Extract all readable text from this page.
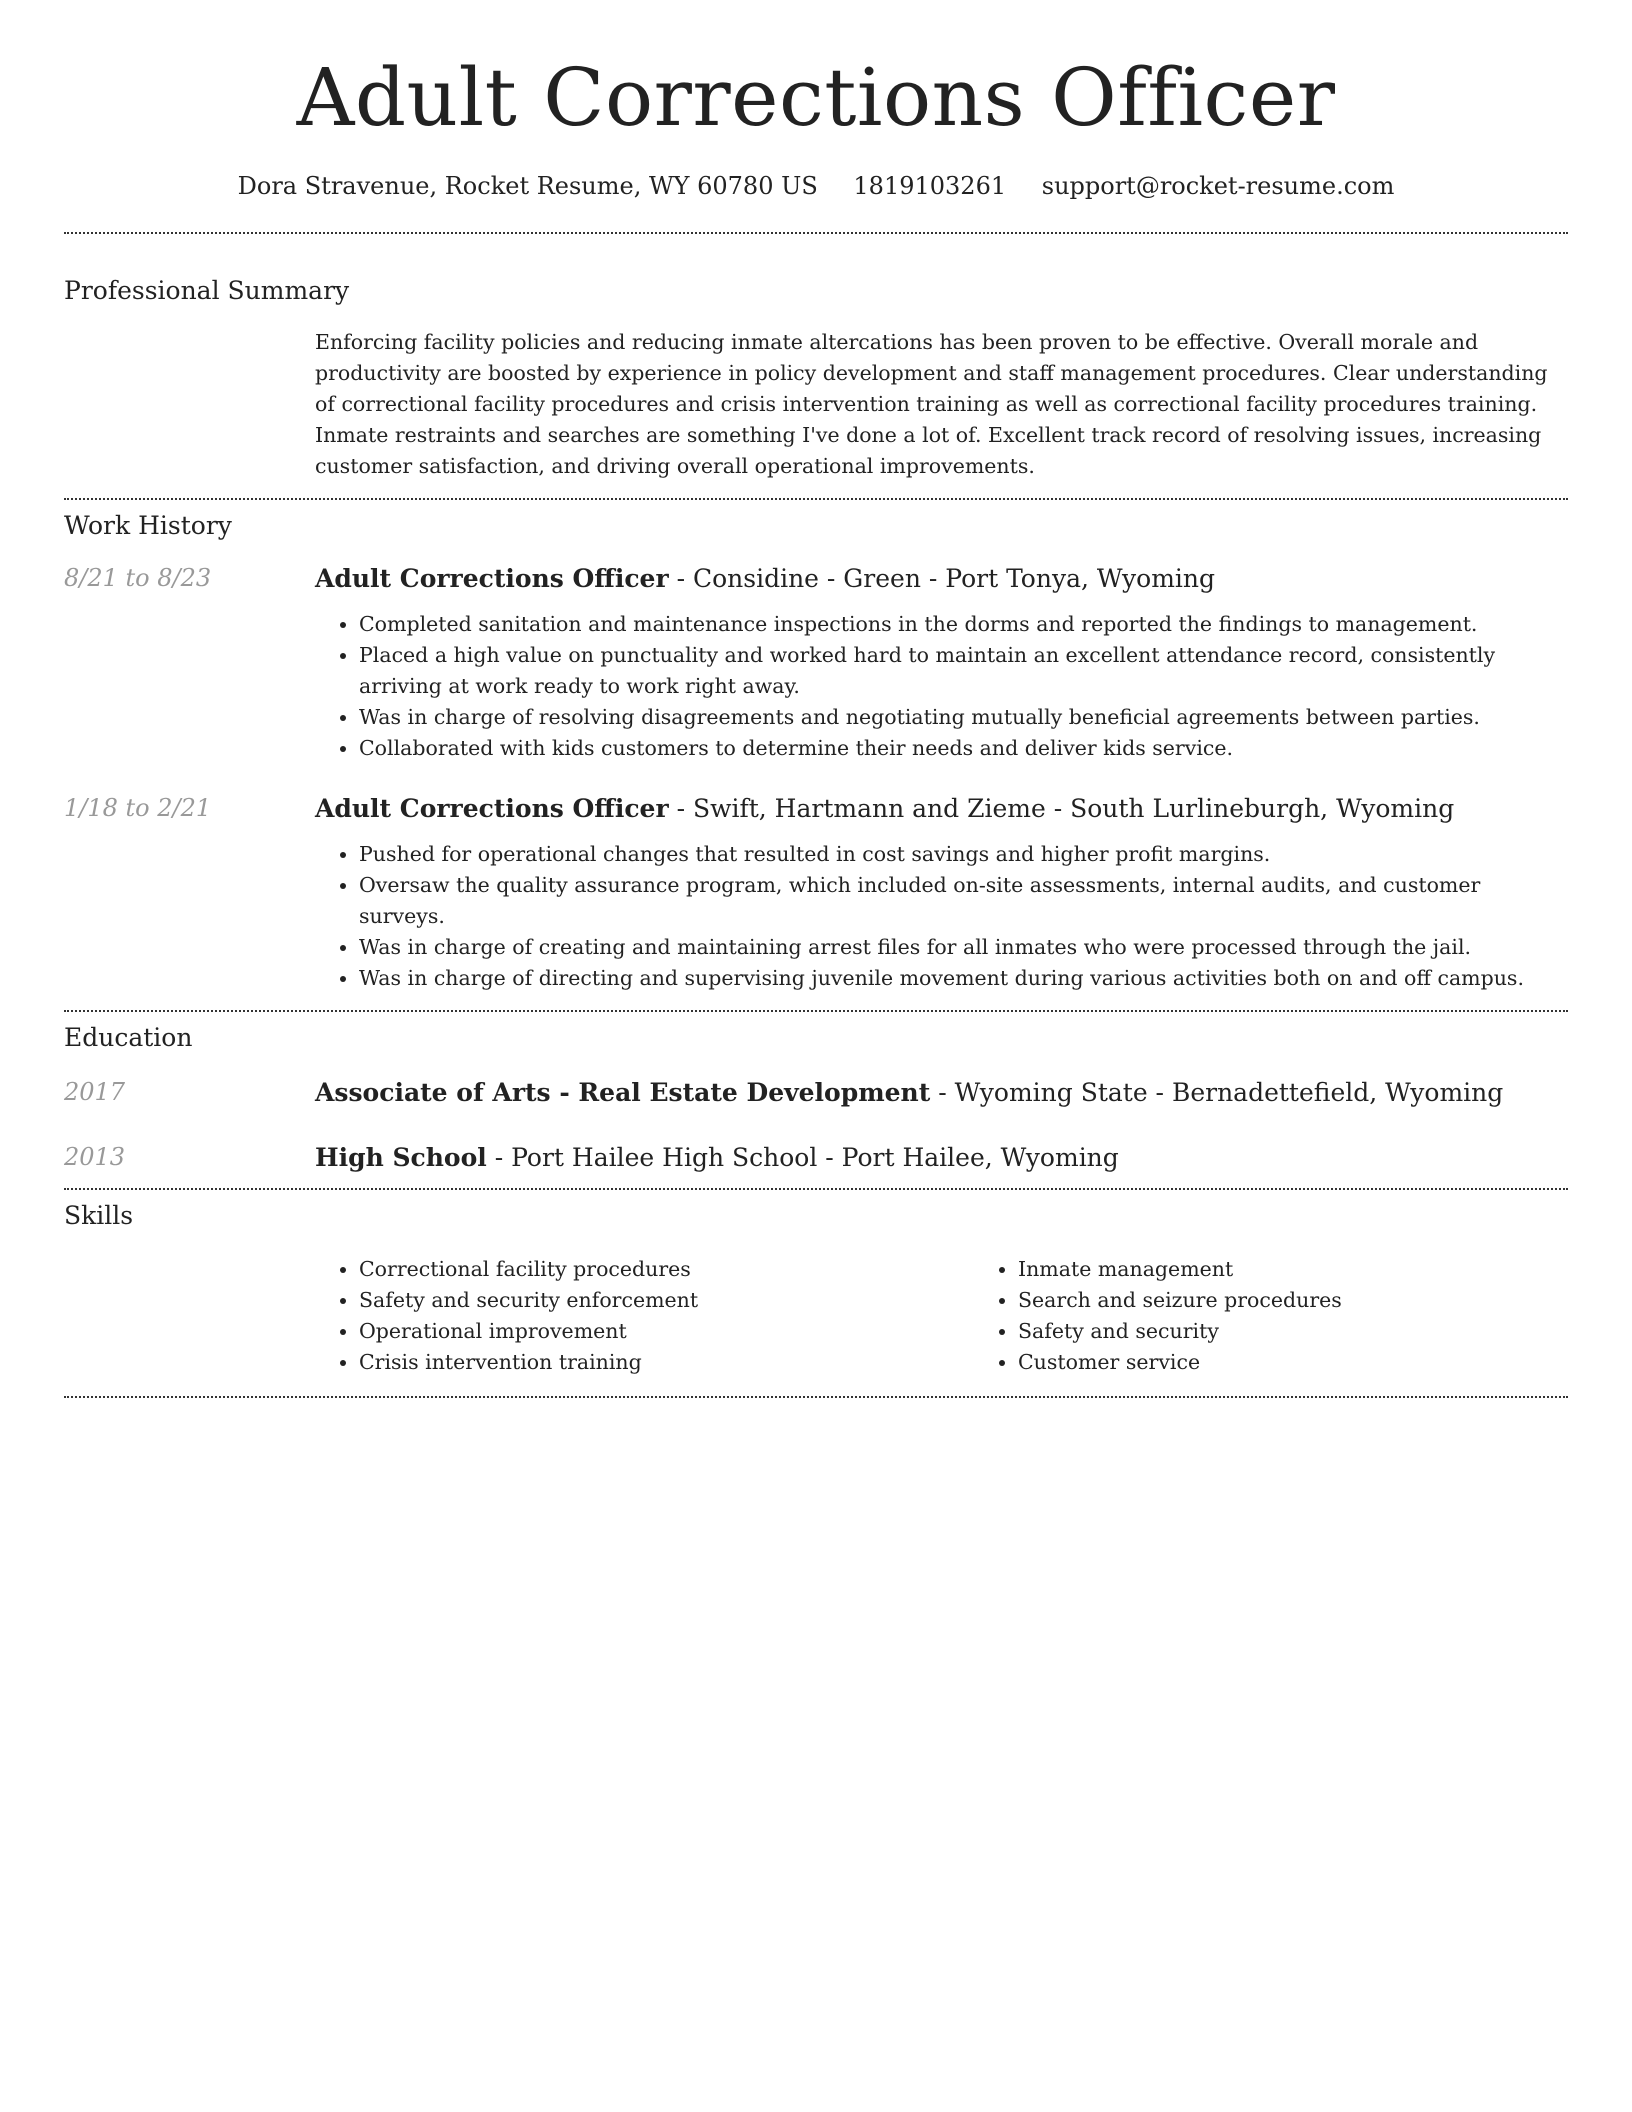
Adult Corrections Officer
Dora Stravenue, Rocket Resume, WY 60780 US 1819103261 support@rocket-resume.com
Professional Summary

Enforcing facility policies and reducing inmate altercations has been proven to be effective. Overall morale and productivity are boosted by experience in policy development and staff management procedures. Clear understanding of correctional facility procedures and crisis intervention training as well as correctional facility procedures training. Inmate restraints and searches are something I've done a lot of. Excellent track record of resolving issues, increasing customer satisfaction, and driving overall operational improvements.

Work History
8/21 to 8/23	Adult Corrections Officer - Considine - Green - Port Tonya, Wyoming

• Completed sanitation and maintenance inspections in the dorms and reported the findings to management.
• Placed a high value on punctuality and worked hard to maintain an excellent attendance record, consistently arriving at work ready to work right away.
• Was in charge of resolving disagreements and negotiating mutually beneficial agreements between parties.
• Collaborated with kids customers to determine their needs and deliver kids service.
1/18 to 2/21	Adult Corrections Officer - Swift, Hartmann and Zieme - South Lurlineburgh, Wyoming

• Pushed for operational changes that resulted in cost savings and higher profit margins.
• Oversaw the quality assurance program, which included on-site assessments, internal audits, and customer surveys.
• Was in charge of creating and maintaining arrest files for all inmates who were processed through the jail.
• Was in charge of directing and supervising juvenile movement during various activities both on and off campus.
Education
2017	Associate of Arts - Real Estate Development - Wyoming State - Bernadettefield, Wyoming

2013	High School - Port Hailee High School - Port Hailee, Wyoming

Skills
• Correctional facility procedures
• Safety and security enforcement
• Operational improvement
• Crisis intervention training
• Inmate management
• Search and seizure procedures
• Safety and security
• Customer service
